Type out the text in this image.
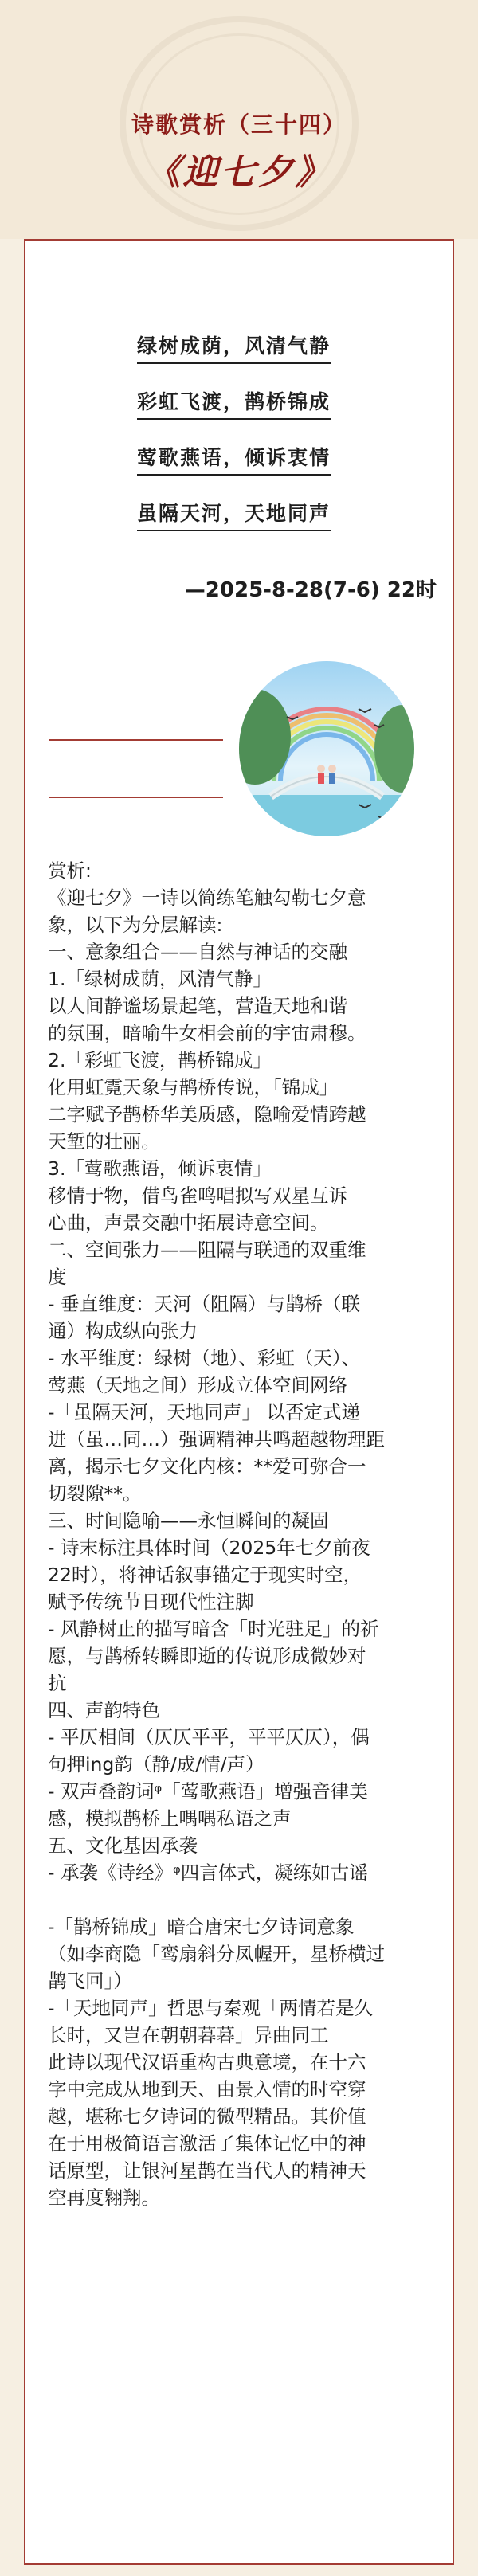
诗歌赏析（三十四）
《迎七夕》
绿树成荫，风清气静
彩虹飞渡，鹊桥锦成
莺歌燕语，倾诉衷情
虽隔天河，天地同声
—2025-8-28(7-6) 22时
赏析:
《迎七夕》一诗以简练笔触勾勒七夕意
象，以下为分层解读:
一、意象组合——自然与神话的交融
1.「绿树成荫，风清气静」
以人间静谧场景起笔，营造天地和谐
的氛围，暗喻牛女相会前的宇宙肃穆。
2.「彩虹飞渡，鹊桥锦成」
化用虹霓天象与鹊桥传说，「锦成」
二字赋予鹊桥华美质感，隐喻爱情跨越
天堑的壮丽。
3.「莺歌燕语，倾诉衷情」
移情于物，借鸟雀鸣唱拟写双星互诉
心曲，声景交融中拓展诗意空间。
二、空间张力——阻隔与联通的双重维
度
- 垂直维度：天河（阻隔）与鹊桥（联
通）构成纵向张力
- 水平维度：绿树（地）、彩虹（天）、
莺燕（天地之间）形成立体空间网络
-「虽隔天河，天地同声」 以否定式递
进（虽…同…）强调精神共鸣超越物理距
离，揭示七夕文化内核：**爱可弥合一
切裂隙**。
三、时间隐喻——永恒瞬间的凝固
- 诗末标注具体时间（2025年七夕前夜
22时），将神话叙事锚定于现实时空，
赋予传统节日现代性注脚
- 风静树止的描写暗含「时光驻足」的祈
愿，与鹊桥转瞬即逝的传说形成微妙对
抗
四、声韵特色
- 平仄相间（仄仄平平，平平仄仄），偶
句押ing韵（静/成/情/声）
- 双声叠韵词ᵠ「莺歌燕语」增强音律美
感，模拟鹊桥上喁喁私语之声
五、文化基因承袭
- 承袭《诗经》ᵠ四言体式，凝练如古谣

-「鹊桥锦成」暗合唐宋七夕诗词意象
（如李商隐「鸾扇斜分凤幄开，星桥横过
鹊飞回」）
-「天地同声」哲思与秦观「两情若是久
长时，又岂在朝朝暮暮」异曲同工
此诗以现代汉语重构古典意境，在十六
字中完成从地到天、由景入情的时空穿
越，堪称七夕诗词的微型精品。其价值
在于用极简语言激活了集体记忆中的神
话原型，让银河星鹊在当代人的精神天
空再度翱翔。
